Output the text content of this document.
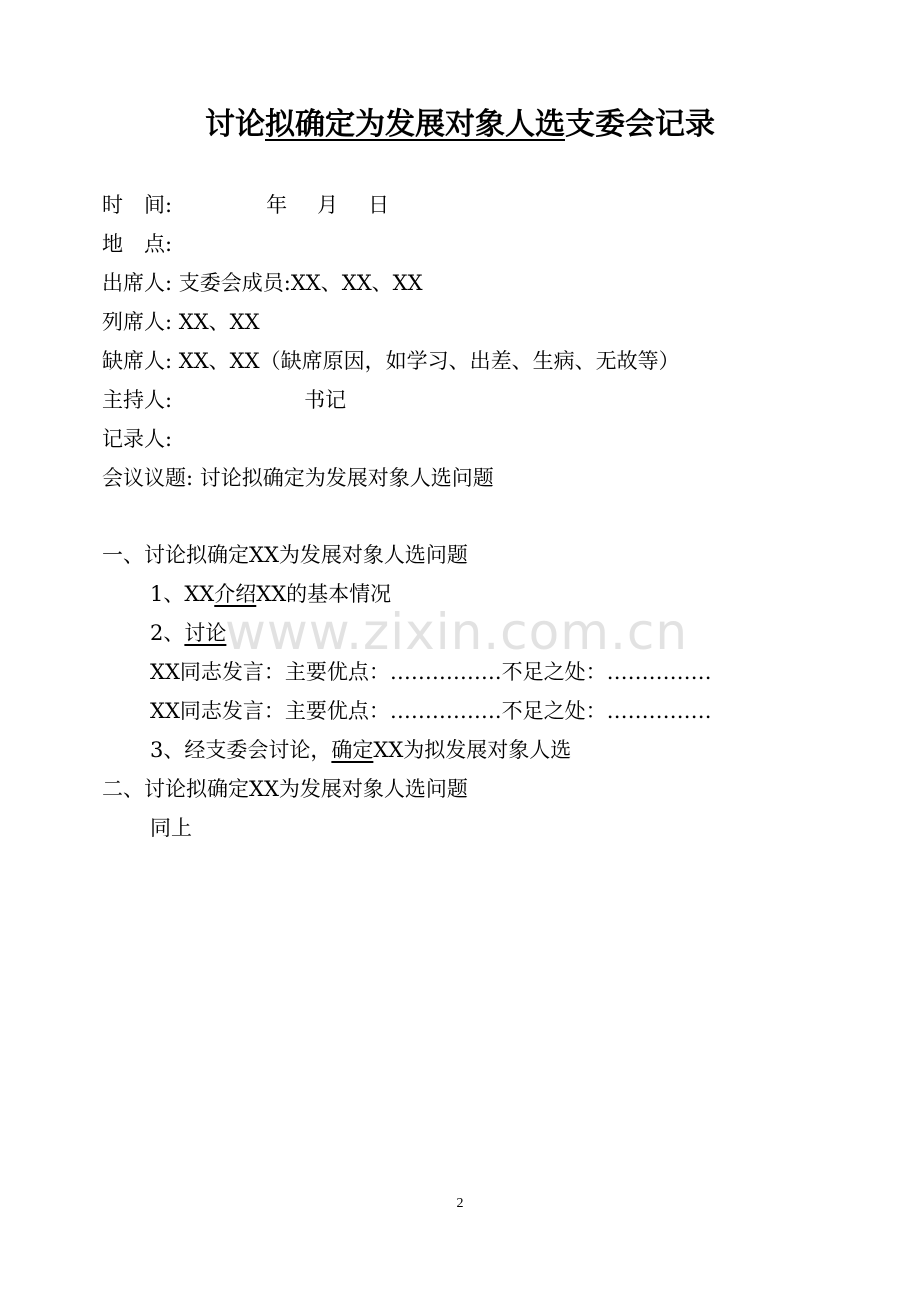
讨论拟确定为发展对象人选支委会记录
时　间:	年 月 日
地　点:
出席人: 支委会成员:XX、XX、XX
列席人: XX、XX
缺席人: XX、XX（缺席原因，如学习、出差、生病、无故等）
主持人:	书记
记录人:
会议议题: 讨论拟确定为发展对象人选问题
一、讨论拟确定XX为发展对象人选问题
1、XX介绍XX的基本情况
2、讨论
XX同志发言：主要优点：…………….不足之处：……………
XX同志发言：主要优点：…………….不足之处：……………
3、经支委会讨论，确定XX为拟发展对象人选
二、讨论拟确定XX为发展对象人选问题
同上
www.zixin.com.cn
2
